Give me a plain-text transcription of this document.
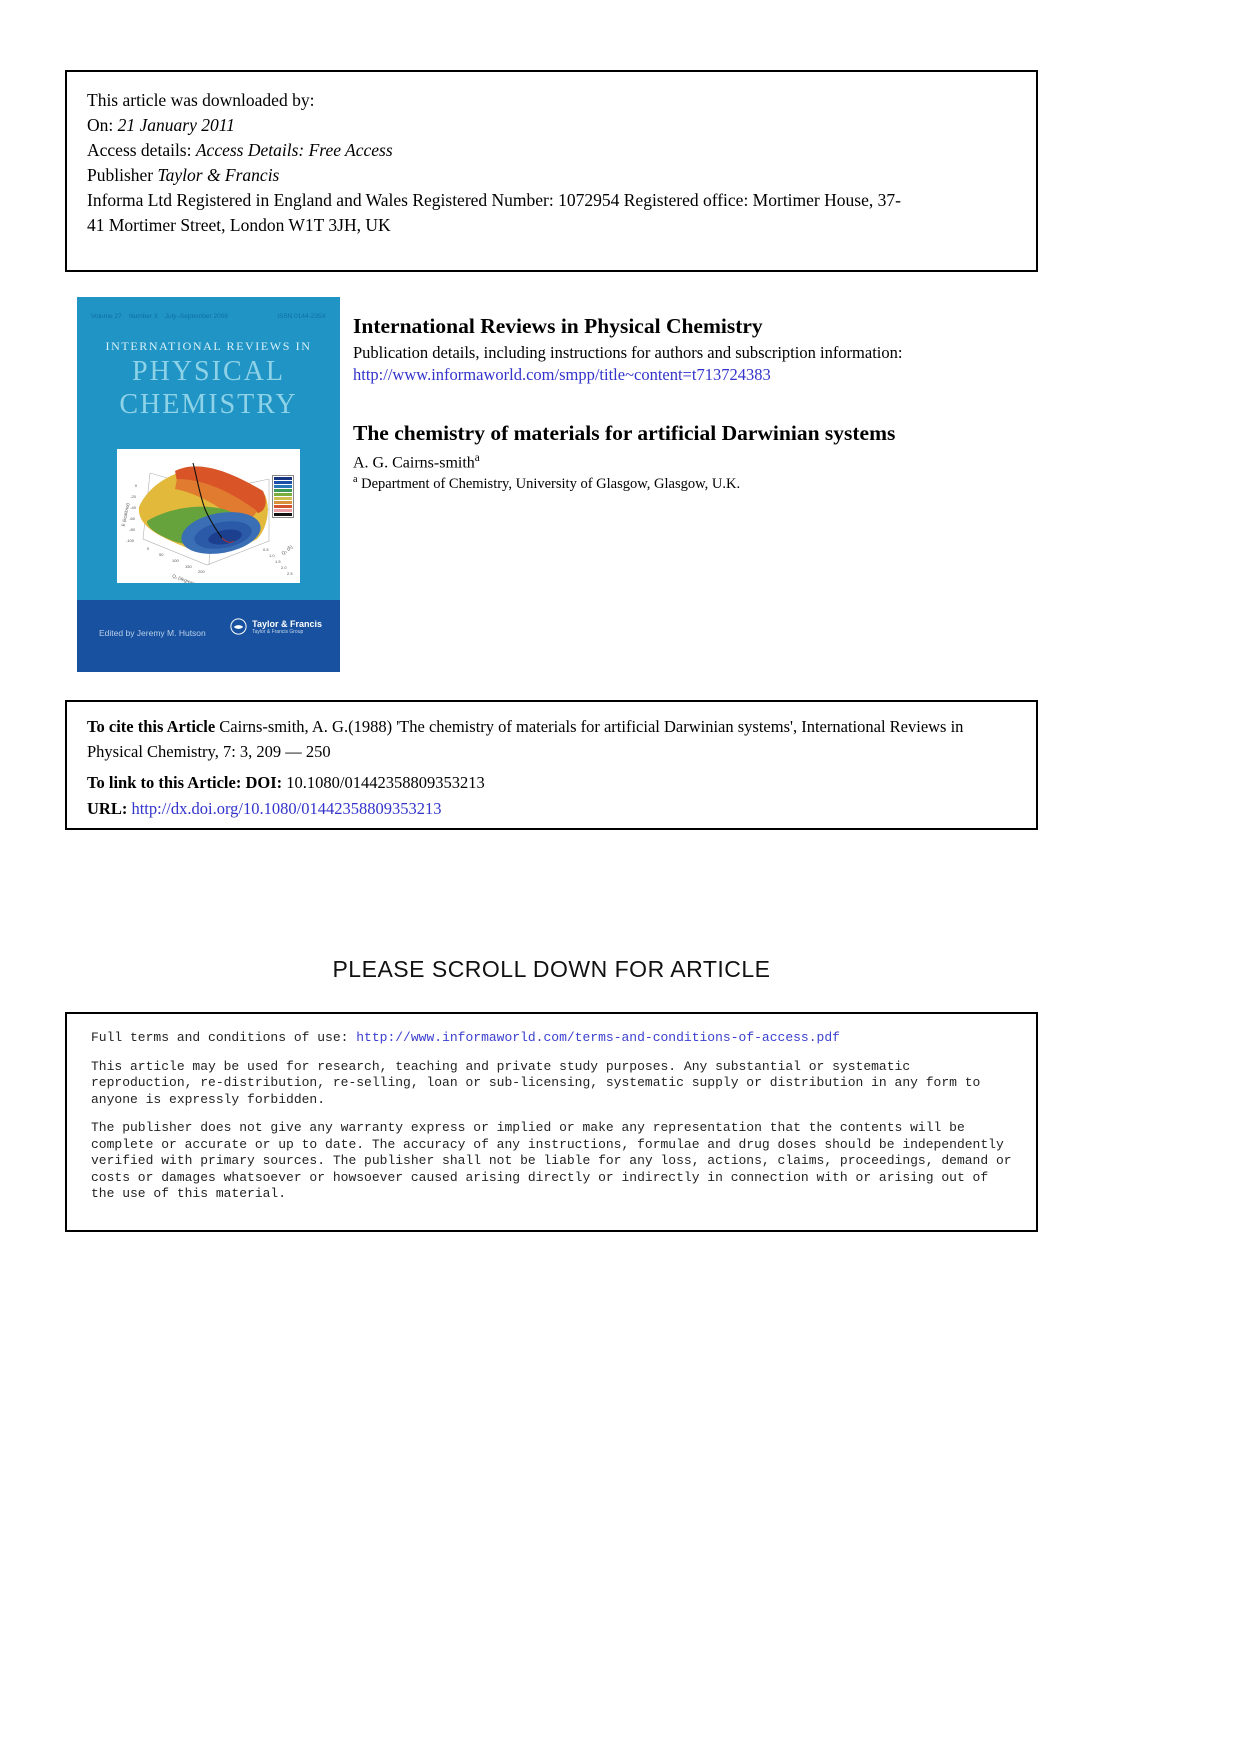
This article was downloaded by:
On: 21 January 2011
Access details: Access Details: Free Access
Publisher Taylor & Francis
Informa Ltd Registered in England and Wales Registered Number: 1072954 Registered office: Mortimer House, 37-
41 Mortimer Street, London W1T 3JH, UK
Volume 27    Number 3    July–September 2008	ISSN 0144-235X
INTERNATIONAL REVIEWS IN
PHYSICAL
CHEMISTRY
0
-20
-40
-60
-80
-100
0
50
100
150
200
0.5
1.0
1.5
2.0
2.5
E (kcal/mol)
Q₁ (degree)
Q₂ (Å)
Edited by Jeremy M. Hutson
Taylor & Francis
Taylor & Francis Group
International Reviews in Physical Chemistry
Publication details, including instructions for authors and subscription information:
http://www.informaworld.com/smpp/title~content=t713724383
The chemistry of materials for artificial Darwinian systems
A. G. Cairns-smith$^a$
$^a$ Department of Chemistry, University of Glasgow, Glasgow, U.K.
To cite this Article Cairns-smith, A. G.(1988) 'The chemistry of materials for artificial Darwinian systems', International Reviews in Physical Chemistry, 7: 3, 209 — 250
To link to this Article: DOI: 10.1080/01442358809353213
URL: http://dx.doi.org/10.1080/01442358809353213
PLEASE SCROLL DOWN FOR ARTICLE

Full terms and conditions of use: http://www.informaworld.com/terms-and-conditions-of-access.pdf

This article may be used for research, teaching and private study purposes. Any substantial or systematic reproduction, re-distribution, re-selling, loan or sub-licensing, systematic supply or distribution in any form to anyone is expressly forbidden.

The publisher does not give any warranty express or implied or make any representation that the contents will be complete or accurate or up to date. The accuracy of any instructions, formulae and drug doses should be independently verified with primary sources. The publisher shall not be liable for any loss, actions, claims, proceedings, demand or costs or damages whatsoever or howsoever caused arising directly or indirectly in connection with or arising out of the use of this material.
